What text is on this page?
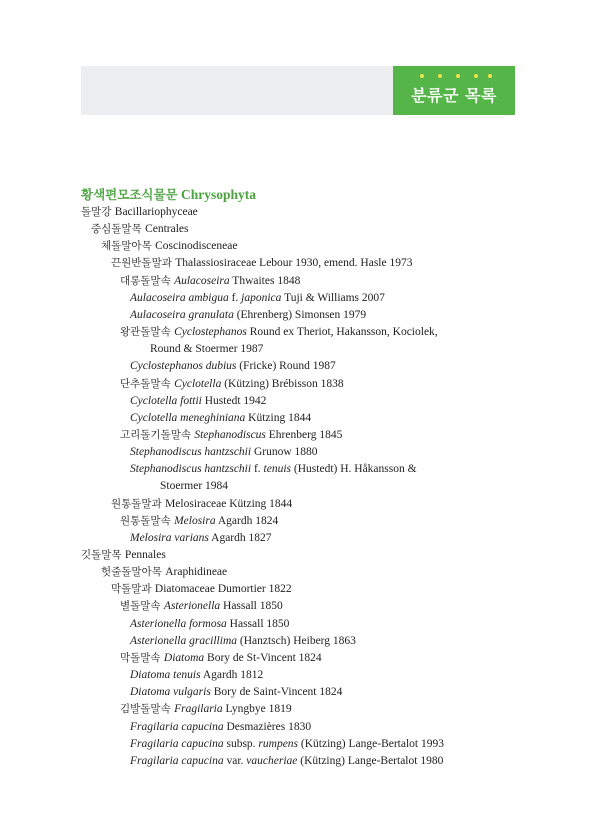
분류군 목록
황색편모조식물문 Chrysophyta
돌말강 Bacillariophyceae
중심돌말목 Centrales
체돌말아목 Coscinodisceneae
끈원반돌말과 Thalassiosiraceae Lebour 1930, emend. Hasle 1973
대롱돌말속 Aulacoseira Thwaites 1848
Aulacoseira ambigua f. japonica Tuji & Williams 2007
Aulacoseira granulata (Ehrenberg) Simonsen 1979
왕관돌말속 Cyclostephanos Round ex Theriot, Hakansson, Kociolek,
Round & Stoermer 1987
Cyclostephanos dubius (Fricke) Round 1987
단추돌말속 Cyclotella (Kützing) Brébisson 1838
Cyclotella fottii Hustedt 1942
Cyclotella meneghiniana Kützing 1844
고리돌기돌말속 Stephanodiscus Ehrenberg 1845
Stephanodiscus hantzschii Grunow 1880
Stephanodiscus hantzschii f. tenuis (Hustedt) H. Håkansson &
Stoermer 1984
원통돌말과 Melosiraceae Kützing 1844
원통돌말속 Melosira Agardh 1824
Melosira varians Agardh 1827
깃돌말목 Pennales
헛줄돌말아목 Araphidineae
막돌말과 Diatomaceae Dumortier 1822
별돌말속 Asterionella Hassall 1850
Asterionella formosa Hassall 1850
Asterionella gracillima (Hanztsch) Heiberg 1863
막돌말속 Diatoma Bory de St-Vincent 1824
Diatoma tenuis Agardh 1812
Diatoma vulgaris Bory de Saint-Vincent 1824
김발돌말속 Fragilaria Lyngbye 1819
Fragilaria capucina Desmazières 1830
Fragilaria capucina subsp. rumpens (Kützing) Lange-Bertalot 1993
Fragilaria capucina var. vaucheriae (Kützing) Lange-Bertalot 1980
